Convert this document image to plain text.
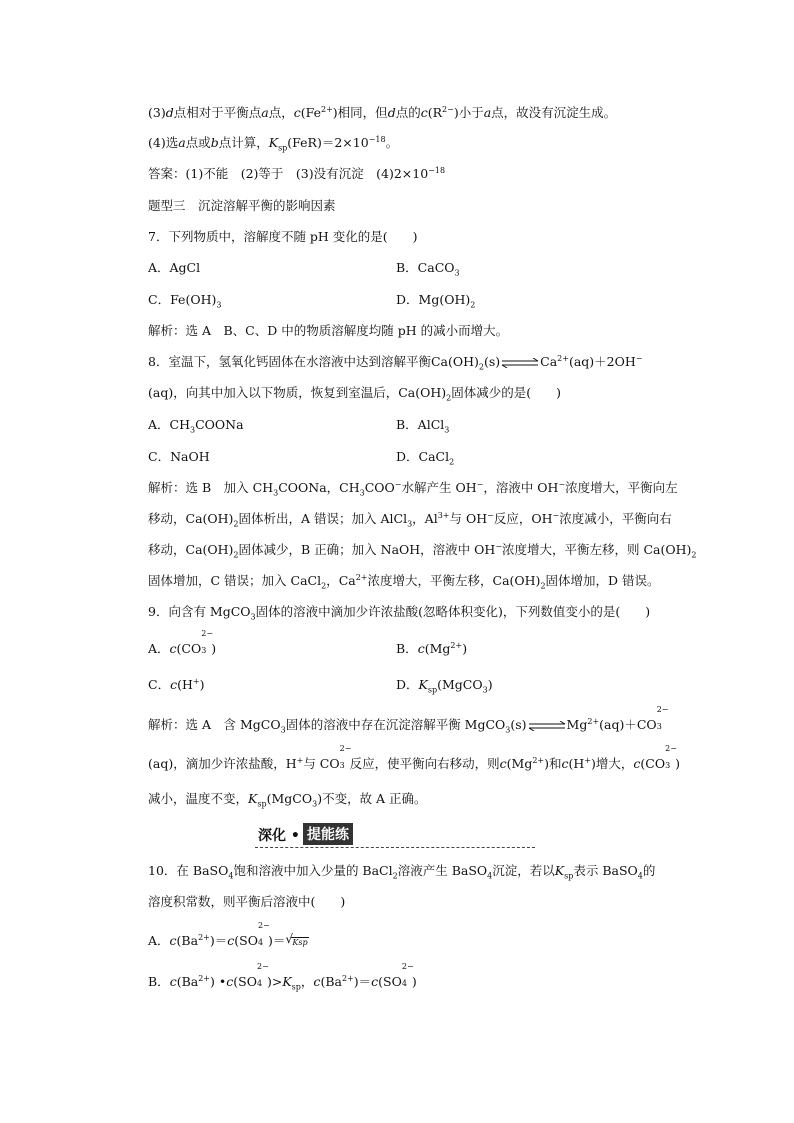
(3)d点相对于平衡点a点，$c(Fe^{2+})$相同，但d点的$c(R^{2-})$小于a点，故没有沉淀生成。
(4)选a点或b点计算，$K_{sp}(FeR)=2\times 10^{-18}$。
答案：(1)不能　(2)等于　(3)没有沉淀　$(4)2\times 10^{-18}$
题型三　沉淀溶解平衡的影响因素
7．下列物质中，溶解度不随 pH 变化的是(　　)
A．AgCl	B．CaCO$_3$
C．$Fe(OH)_3$	D．$Mg(OH)_2$
解析：选 A　B、C、D 中的物质溶解度均随 pH 的减小而增大。
8．室温下，氢氧化钙固体在水溶液中达到溶解平衡$Ca(OH)_2(s)\rightleftharpoons Ca^{2+}(aq)+2OH^-$
(aq)，向其中加入以下物质，恢复到室温后，$Ca(OH)_2$固体减少的是(　　)
A．$CH_3COONa$	B．AlCl$_3$
C．NaOH	D．CaCl$_2$
解析：选 B　加入 $CH_3COONa$，$CH_3COO^-$水解产生 OH−，溶液中 OH−浓度增大，平衡向左
移动，$Ca(OH)_2$固体析出，A 错误；加入 AlCl$_3$，$Al^{3+}$与 OH−反应，OH−浓度减小，平衡向右
移动，$Ca(OH)_2$固体减少，B 正确；加入 NaOH，溶液中 OH−浓度增大，平衡左移，则 $Ca(OH)_2$
固体增加，C 错误；加入 CaCl$_2$，$Ca^{2+}$浓度增大，平衡左移，$Ca(OH)_2$固体增加，D 错误。
9．向含有 MgCO$_3$固体的溶液中滴加少许浓盐酸(忽略体积变化)，下列数值变小的是(　　)
A．c(CO
2−
3 )	B．$c(Mg^{2+})$
C．c(H+)	D．$K_{sp}(MgCO_3)$
解析：选 A　含 MgCO$_3$固体的溶液中存在沉淀溶解平衡 $MgCO_3(s)\rightleftharpoons Mg^{2+}(aq)+CO$
2−
3
(aq)，滴加少许浓盐酸，H+与 CO
2−
3 反应，使平衡向右移动，则$c(Mg^{2+})$和c(H+)增大，c(CO
2−
3 )
减小，温度不变，$K_{sp}(MgCO_3)$不变，故 A 正确。
深化 • 提能练
10．在 BaSO$_4$饱和溶液中加入少量的 BaCl$_2$溶液产生 BaSO$_4$沉淀，若以$K_{sp}$表示 BaSO$_4$的
溶度积常数，则平衡后溶液中(　　)
A．$c(Ba^{2+})=c(SO$
2−
4 )＝ √ Ksp
B．$c(Ba^{2+})$ •c(SO
2−
4 )$>K_{sp}$，$c(Ba^{2+})=c(SO$
2−
4 )
